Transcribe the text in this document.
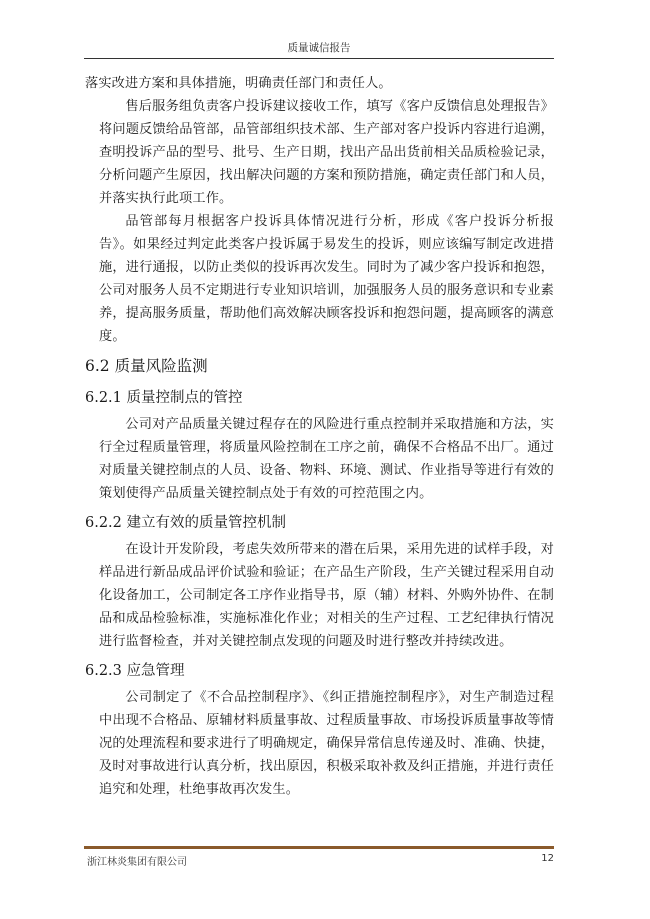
质量诚信报告

落实改进方案和具体措施，明确责任部门和责任人。

售后服务组负责客户投诉建议接收工作，填写《客户反馈信息处理报告》将问题反馈给品管部，品管部组织技术部、生产部对客户投诉内容进行追溯，查明投诉产品的型号、批号、生产日期，找出产品出货前相关品质检验记录，分析问题产生原因，找出解决问题的方案和预防措施，确定责任部门和人员，并落实执行此项工作。

品管部每月根据客户投诉具体情况进行分析，形成《客户投诉分析报告》。如果经过判定此类客户投诉属于易发生的投诉，则应该编写制定改进措施，进行通报，以防止类似的投诉再次发生。同时为了减少客户投诉和抱怨，公司对服务人员不定期进行专业知识培训，加强服务人员的服务意识和专业素养，提高服务质量，帮助他们高效解决顾客投诉和抱怨问题，提高顾客的满意度。

6.2 质量风险监测
6.2.1 质量控制点的管控

公司对产品质量关键过程存在的风险进行重点控制并采取措施和方法，实行全过程质量管理，将质量风险控制在工序之前，确保不合格品不出厂。通过对质量关键控制点的人员、设备、物料、环境、测试、作业指导等进行有效的策划使得产品质量关键控制点处于有效的可控范围之内。

6.2.2 建立有效的质量管控机制

在设计开发阶段，考虑失效所带来的潜在后果，采用先进的试样手段，对样品进行新品成品评价试验和验证；在产品生产阶段，生产关键过程采用自动化设备加工，公司制定各工序作业指导书，原（辅）材料、外购外协件、在制品和成品检验标准，实施标准化作业；对相关的生产过程、工艺纪律执行情况进行监督检查，并对关键控制点发现的问题及时进行整改并持续改进。

6.2.3 应急管理

公司制定了《不合品控制程序》、《纠正措施控制程序》，对生产制造过程中出现不合格品、原辅材料质量事故、过程质量事故、市场投诉质量事故等情况的处理流程和要求进行了明确规定，确保异常信息传递及时、准确、快捷，及时对事故进行认真分析，找出原因，积极采取补救及纠正措施，并进行责任追究和处理，杜绝事故再次发生。

浙江林炎集团有限公司	12
